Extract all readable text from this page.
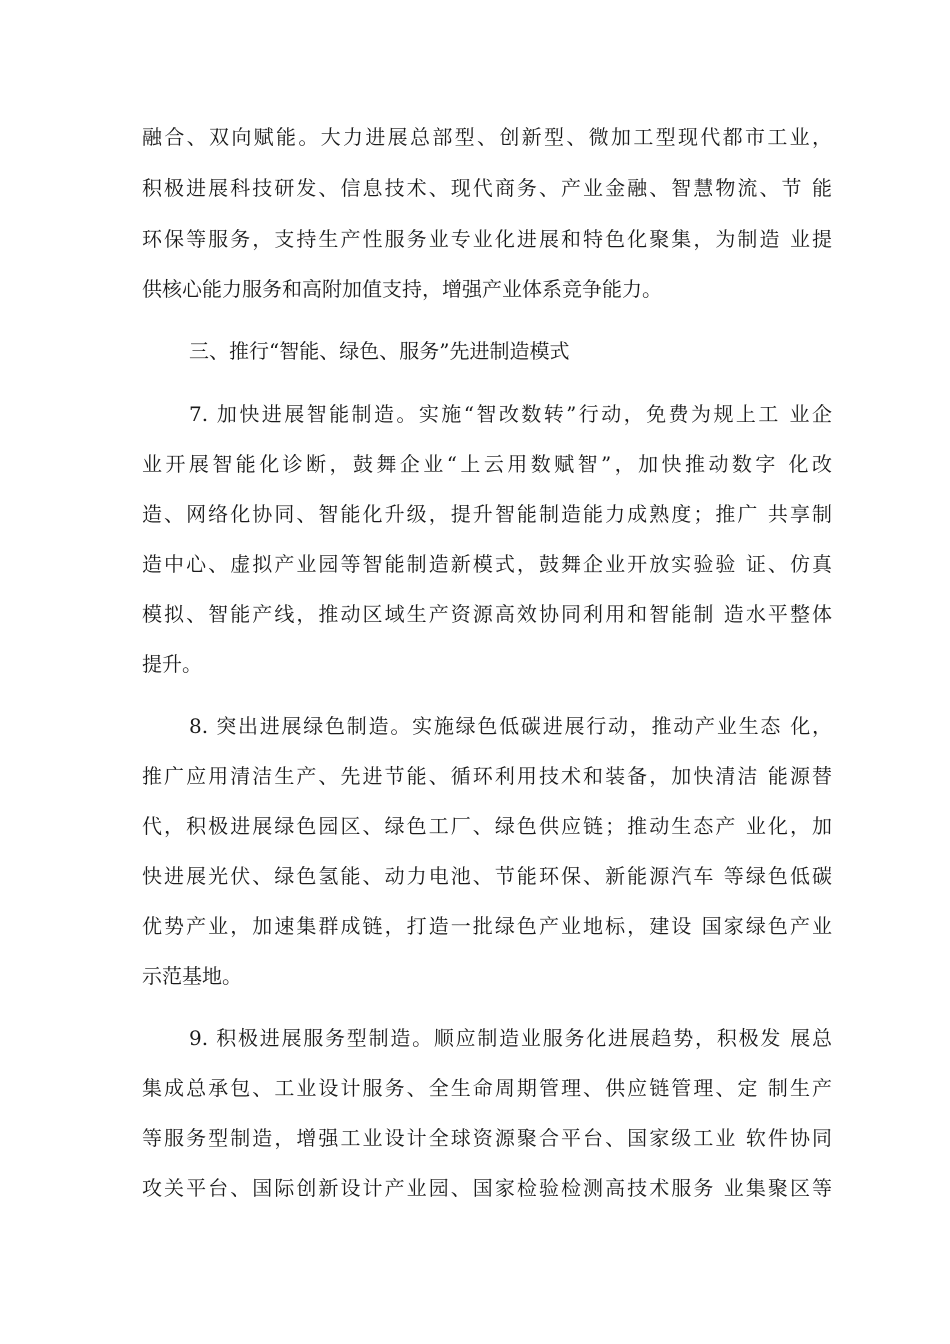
融合、双向赋能。大力进展总部型、创新型、微加工型现代都市工业，
积极进展科技研发、信息技术、现代商务、产业金融、智慧物流、节 能
环保等服务，支持生产性服务业专业化进展和特色化聚集，为制造 业提
供核心能力服务和高附加值支持，增强产业体系竞争能力。
三、推行“智能、绿色、服务”先进制造模式
7. 加快进展智能制造。实施“智改数转”行动，免费为规上工 业企
业开展智能化诊断，鼓舞企业“上云用数赋智”，加快推动数字 化改
造、网络化协同、智能化升级，提升智能制造能力成熟度；推广 共享制
造中心、虚拟产业园等智能制造新模式，鼓舞企业开放实验验 证、仿真
模拟、智能产线，推动区域生产资源高效协同利用和智能制 造水平整体
提升。
8. 突出进展绿色制造。实施绿色低碳进展行动，推动产业生态 化，
推广应用清洁生产、先进节能、循环利用技术和装备，加快清洁 能源替
代，积极进展绿色园区、绿色工厂、绿色供应链；推动生态产 业化，加
快进展光伏、绿色氢能、动力电池、节能环保、新能源汽车 等绿色低碳
优势产业，加速集群成链，打造一批绿色产业地标，建设 国家绿色产业
示范基地。
9. 积极进展服务型制造。顺应制造业服务化进展趋势，积极发 展总
集成总承包、工业设计服务、全生命周期管理、供应链管理、定 制生产
等服务型制造，增强工业设计全球资源聚合平台、国家级工业 软件协同
攻关平台、国际创新设计产业园、国家检验检测高技术服务 业集聚区等
